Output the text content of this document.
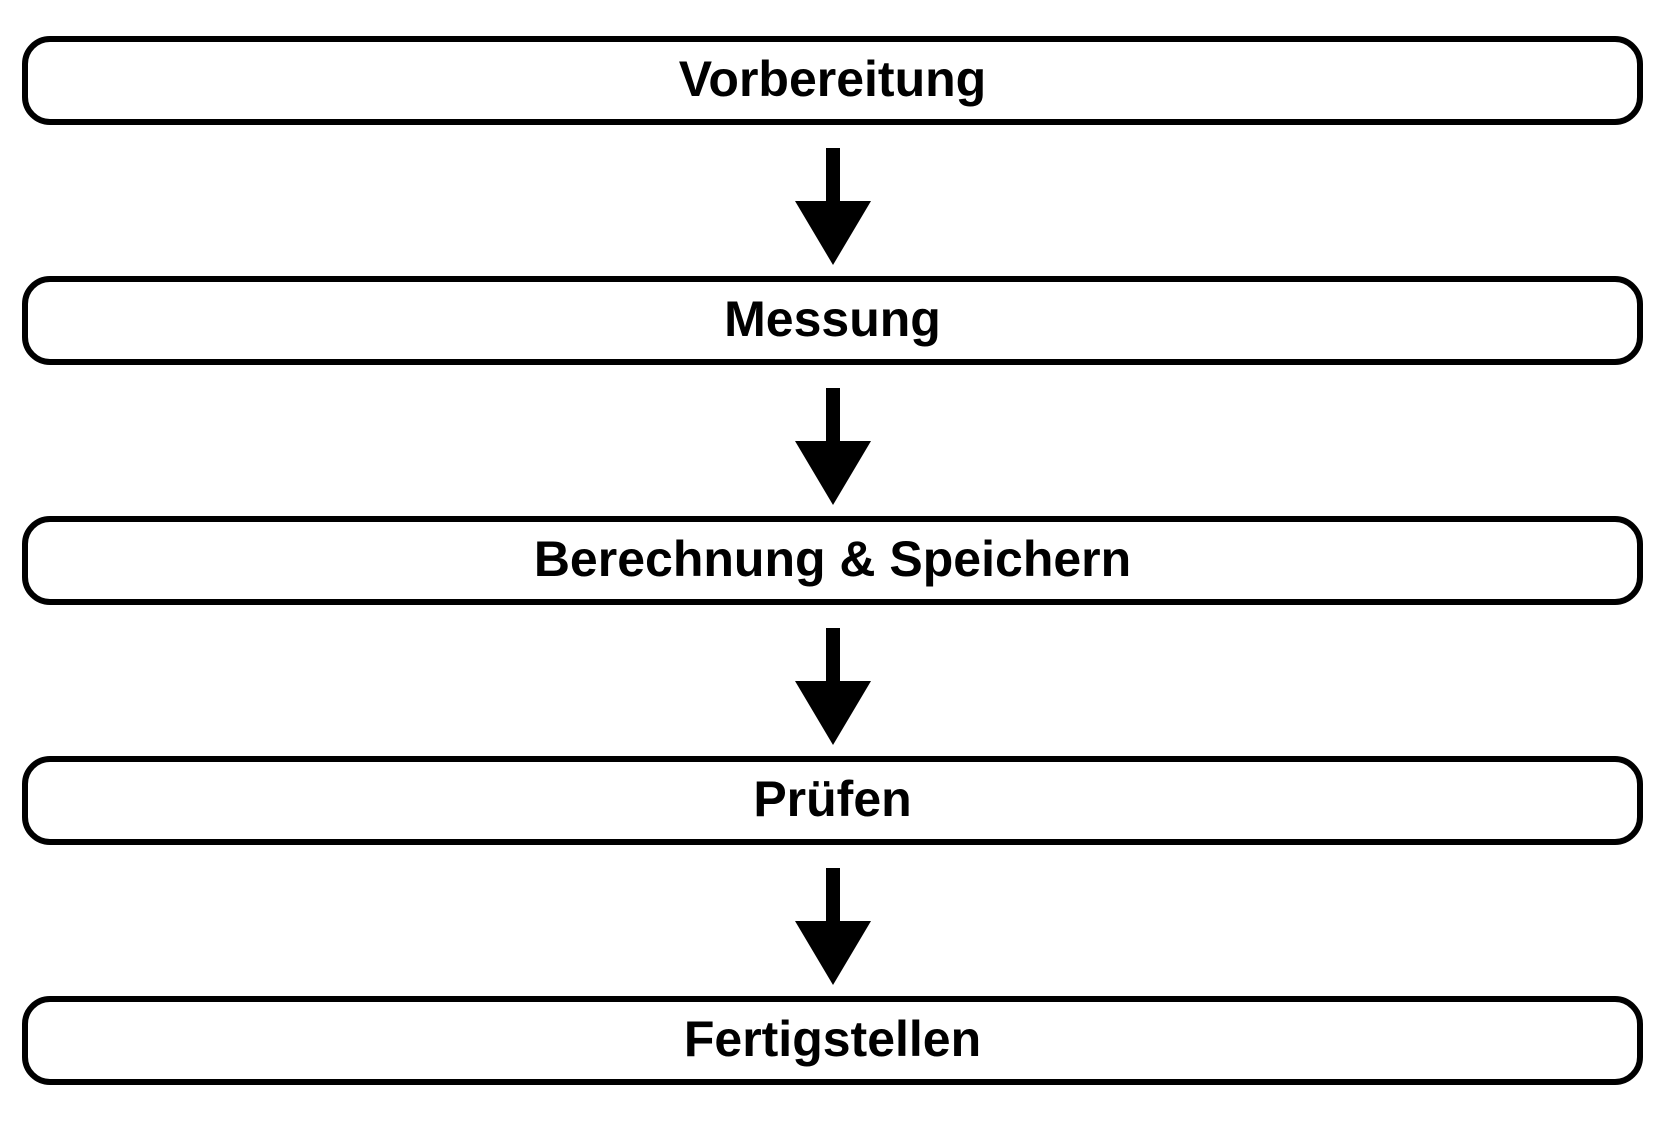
Vorbereitung
Messung
Berechnung & Speichern
Prüfen
Fertigstellen
